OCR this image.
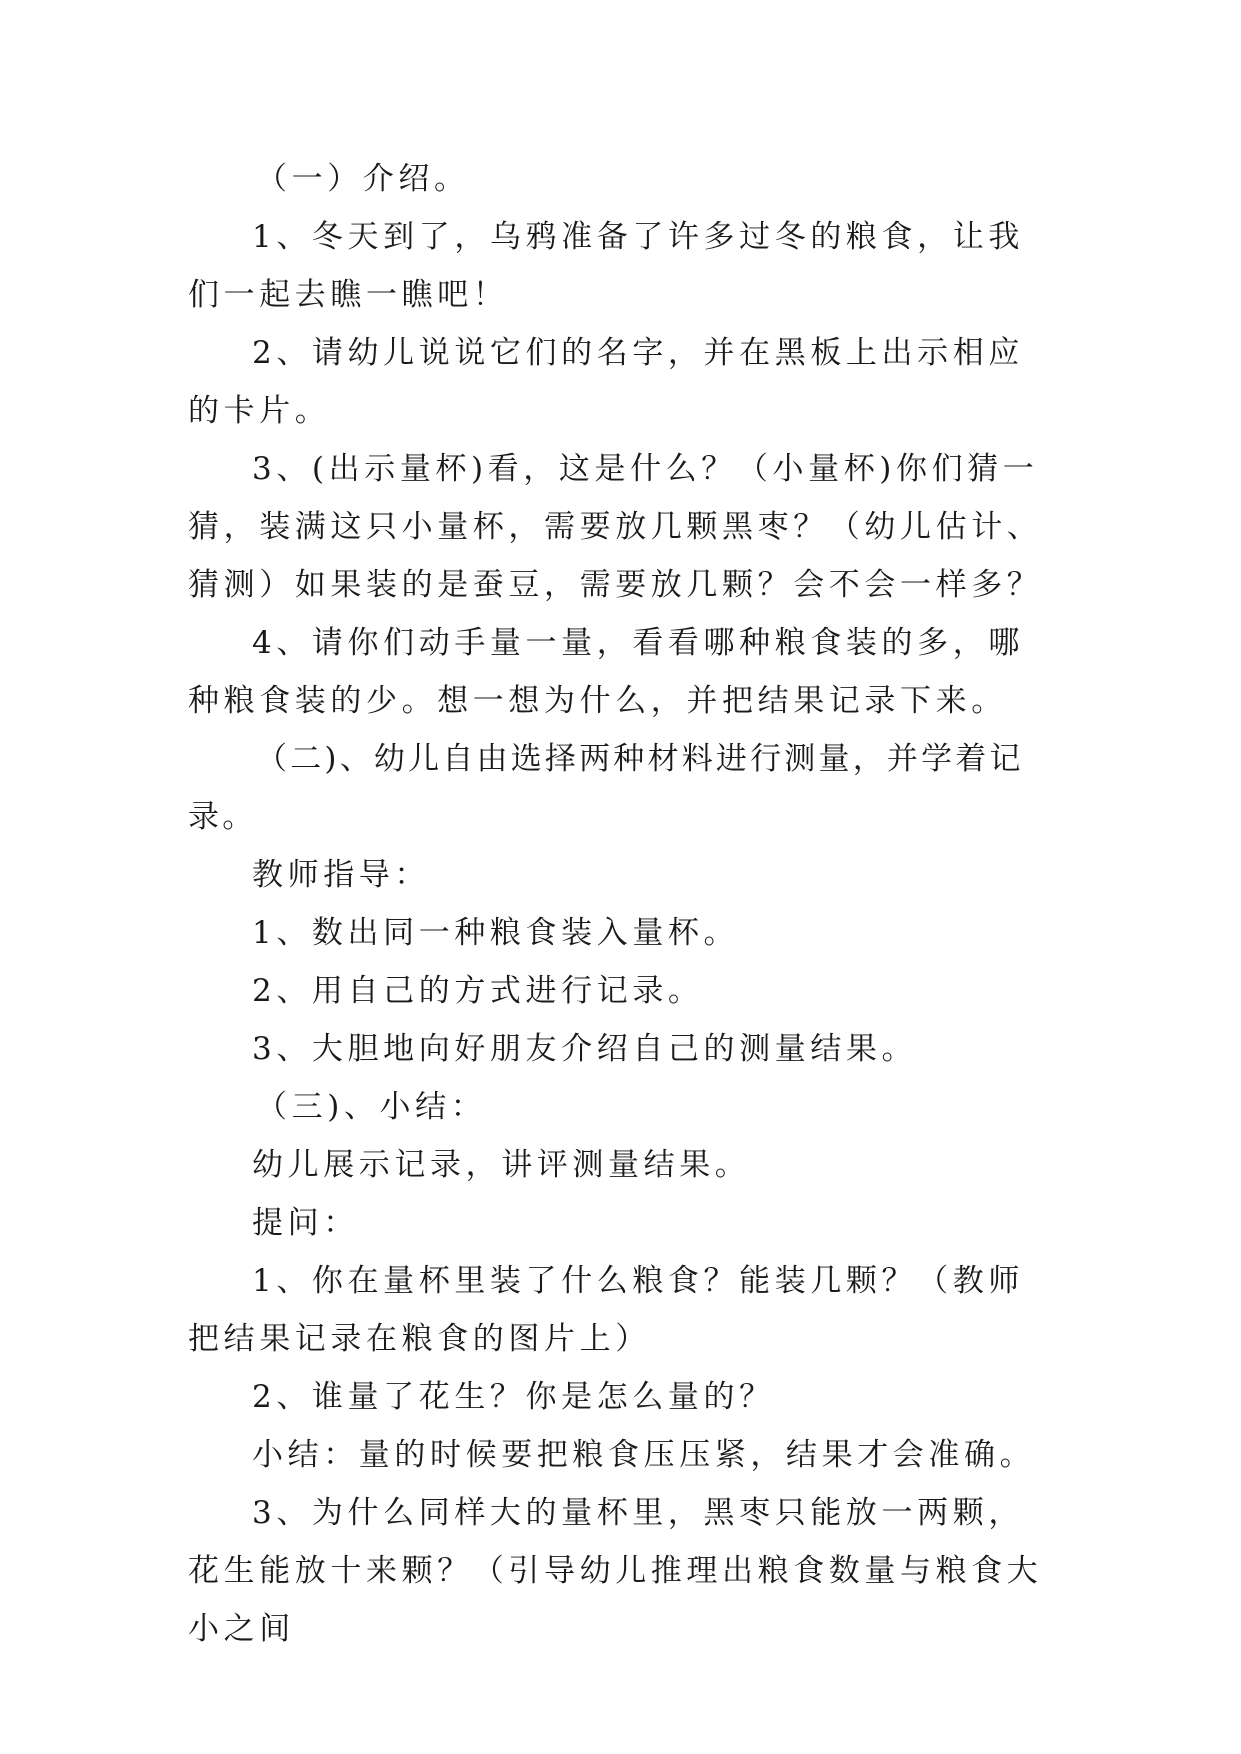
（一）介绍。

1、冬天到了，乌鸦准备了许多过冬的粮食，让我们一起去瞧一瞧吧！

2、请幼儿说说它们的名字，并在黑板上出示相应的卡片。

3、(出示量杯)看，这是什么？（小量杯)你们猜一猜，装满这只小量杯，需要放几颗黑枣？（幼儿估计、猜测）如果装的是蚕豆，需要放几颗？会不会一样多？

4、请你们动手量一量，看看哪种粮食装的多，哪种粮食装的少。想一想为什么，并把结果记录下来。

（二)、幼儿自由选择两种材料进行测量，并学着记录。

教师指导：

1、数出同一种粮食装入量杯。

2、用自己的方式进行记录。

3、大胆地向好朋友介绍自己的测量结果。

（三)、小结：

幼儿展示记录，讲评测量结果。

提问：

1、你在量杯里装了什么粮食？能装几颗？（教师把结果记录在粮食的图片上）

2、谁量了花生？你是怎么量的？

小结：量的时候要把粮食压压紧，结果才会准确。

3、为什么同样大的量杯里，黑枣只能放一两颗，花生能放十来颗？（引导幼儿推理出粮食数量与粮食大小之间
